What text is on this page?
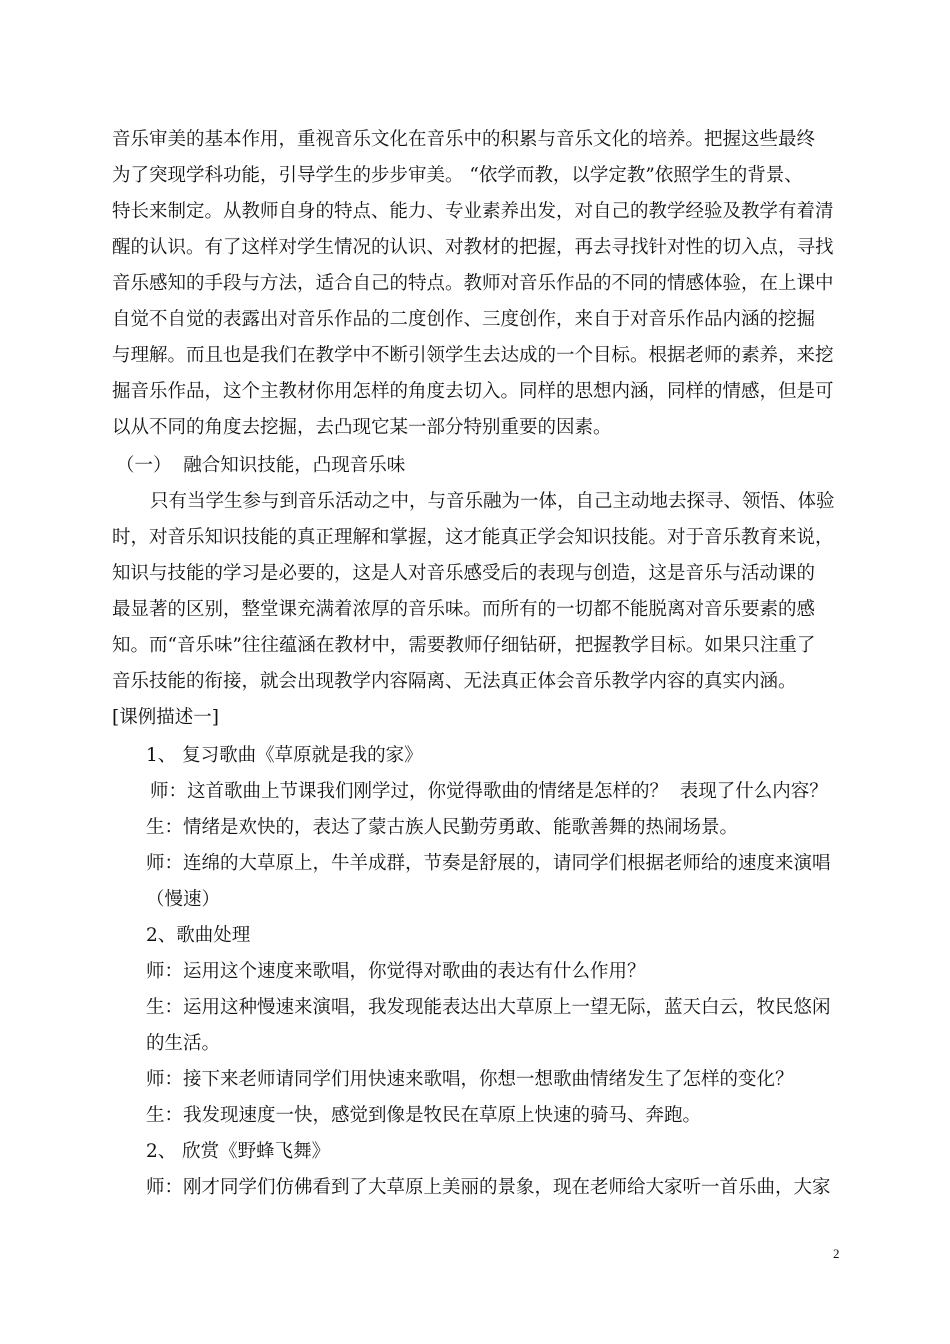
音乐审美的基本作用，重视音乐文化在音乐中的积累与音乐文化的培养。把握这些最终
为了突现学科功能，引导学生的步步审美。 “依学而教，以学定教”依照学生的背景、
特长来制定。从教师自身的特点、能力、专业素养出发，对自己的教学经验及教学有着清
醒的认识。有了这样对学生情况的认识、对教材的把握，再去寻找针对性的切入点，寻找
音乐感知的手段与方法，适合自己的特点。教师对音乐作品的不同的情感体验，在上课中
自觉不自觉的表露出对音乐作品的二度创作、三度创作，来自于对音乐作品内涵的挖掘
与理解。而且也是我们在教学中不断引领学生去达成的一个目标。根据老师的素养，来挖
掘音乐作品，这个主教材你用怎样的角度去切入。同样的思想内涵，同样的情感，但是可
以从不同的角度去挖掘，去凸现它某一部分特别重要的因素。
（一）  融合知识技能，凸现音乐味
只有当学生参与到音乐活动之中，与音乐融为一体，自己主动地去探寻、领悟、体验
时，对音乐知识技能的真正理解和掌握，这才能真正学会知识技能。对于音乐教育来说，
知识与技能的学习是必要的，这是人对音乐感受后的表现与创造，这是音乐与活动课的
最显著的区别，整堂课充满着浓厚的音乐味。而所有的一切都不能脱离对音乐要素的感
知。而“音乐味”往往蕴涵在教材中，需要教师仔细钻研，把握教学目标。如果只注重了
音乐技能的衔接，就会出现教学内容隔离、无法真正体会音乐教学内容的真实内涵。
[课例描述一]
1、 复习歌曲《草原就是我的家》
师：这首歌曲上节课我们刚学过，你觉得歌曲的情绪是怎样的？  表现了什么内容？
生：情绪是欢快的，表达了蒙古族人民勤劳勇敢、能歌善舞的热闹场景。
师：连绵的大草原上，牛羊成群，节奏是舒展的，请同学们根据老师给的速度来演唱
（慢速）
2、歌曲处理
师：运用这个速度来歌唱，你觉得对歌曲的表达有什么作用？
生：运用这种慢速来演唱，我发现能表达出大草原上一望无际，蓝天白云，牧民悠闲
的生活。
师：接下来老师请同学们用快速来歌唱，你想一想歌曲情绪发生了怎样的变化？
生：我发现速度一快，感觉到像是牧民在草原上快速的骑马、奔跑。
2、 欣赏《野蜂飞舞》
师：刚才同学们仿佛看到了大草原上美丽的景象，现在老师给大家听一首乐曲，大家
2
